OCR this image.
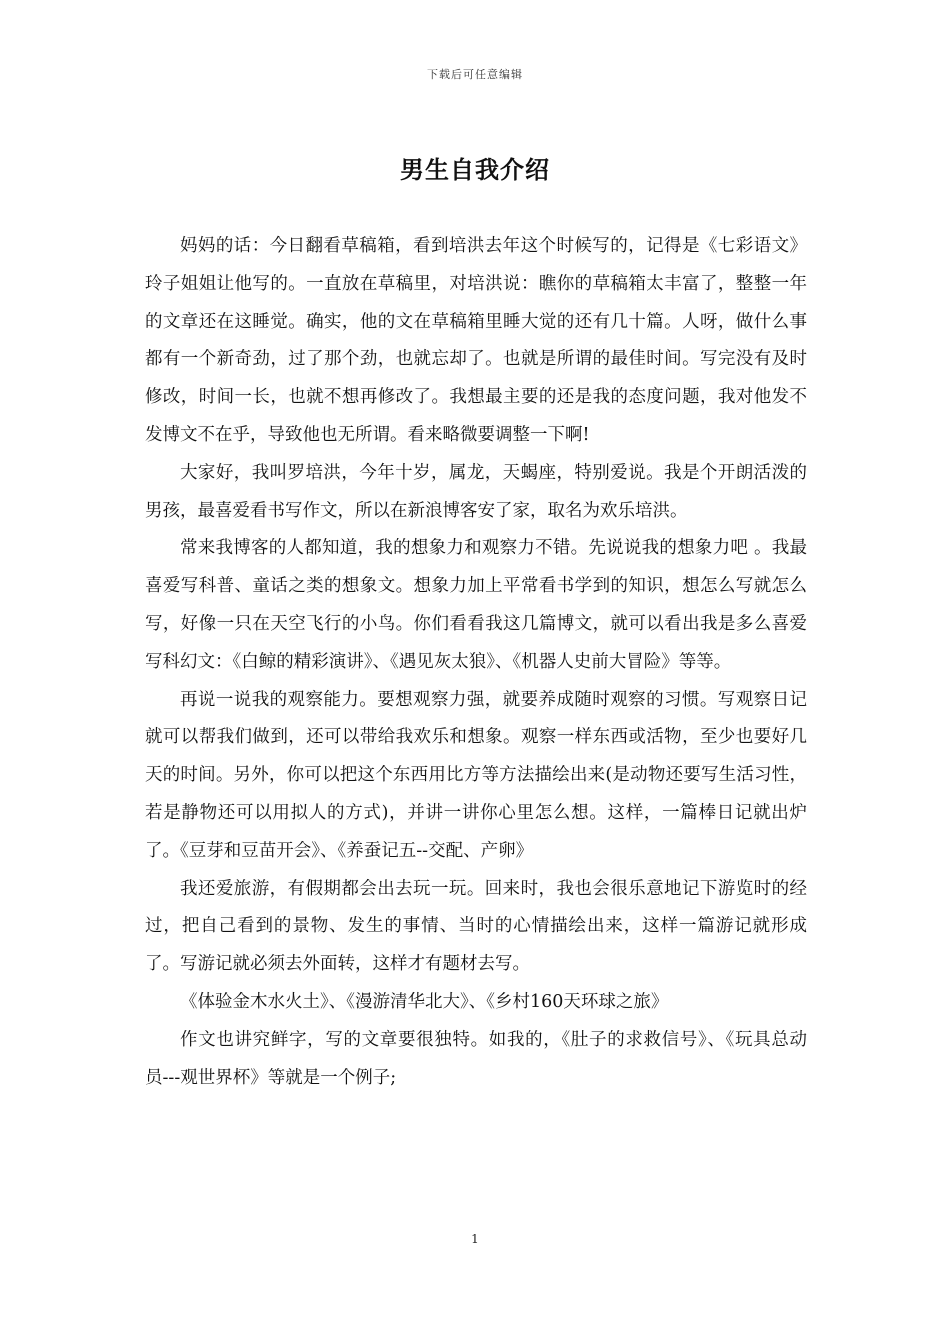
下载后可任意编辑
男生自我介绍

妈妈的话：今日翻看草稿箱，看到培洪去年这个时候写的，记得是《七彩语文》玲子姐姐让他写的。一直放在草稿里，对培洪说：瞧你的草稿箱太丰富了，整整一年的文章还在这睡觉。确实，他的文在草稿箱里睡大觉的还有几十篇。人呀，做什么事都有一个新奇劲，过了那个劲，也就忘却了。也就是所谓的最佳时间。写完没有及时修改，时间一长，也就不想再修改了。我想最主要的还是我的态度问题，我对他发不发博文不在乎，导致他也无所谓。看来略微要调整一下啊!

大家好，我叫罗培洪，今年十岁，属龙，天蝎座，特别爱说。我是个开朗活泼的男孩，最喜爱看书写作文，所以在新浪博客安了家，取名为欢乐培洪。

常来我博客的人都知道，我的想象力和观察力不错。先说说我的想象力吧 。我最喜爱写科普、童话之类的想象文。想象力加上平常看书学到的知识，想怎么写就怎么写，好像一只在天空飞行的小鸟。你们看看我这几篇博文，就可以看出我是多么喜爱写科幻文：《白鲸的精彩演讲》、《遇见灰太狼》、《机器人史前大冒险》等等。

再说一说我的观察能力。要想观察力强，就要养成随时观察的习惯。写观察日记就可以帮我们做到，还可以带给我欢乐和想象。观察一样东西或活物，至少也要好几天的时间。另外，你可以把这个东西用比方等方法描绘出来(是动物还要写生活习性，若是静物还可以用拟人的方式)，并讲一讲你心里怎么想。这样，一篇棒日记就出炉了。《豆芽和豆苗开会》、《养蚕记五--交配、产卵》

我还爱旅游，有假期都会出去玩一玩。回来时，我也会很乐意地记下游览时的经过，把自己看到的景物、发生的事情、当时的心情描绘出来，这样一篇游记就形成了。写游记就必须去外面转，这样才有题材去写。

《体验金木水火土》、《漫游清华北大》、《乡村160天环球之旅》

作文也讲究鲜字，写的文章要很独特。如我的，《肚子的求救信号》、《玩具总动员---观世界杯》等就是一个例子;

1
